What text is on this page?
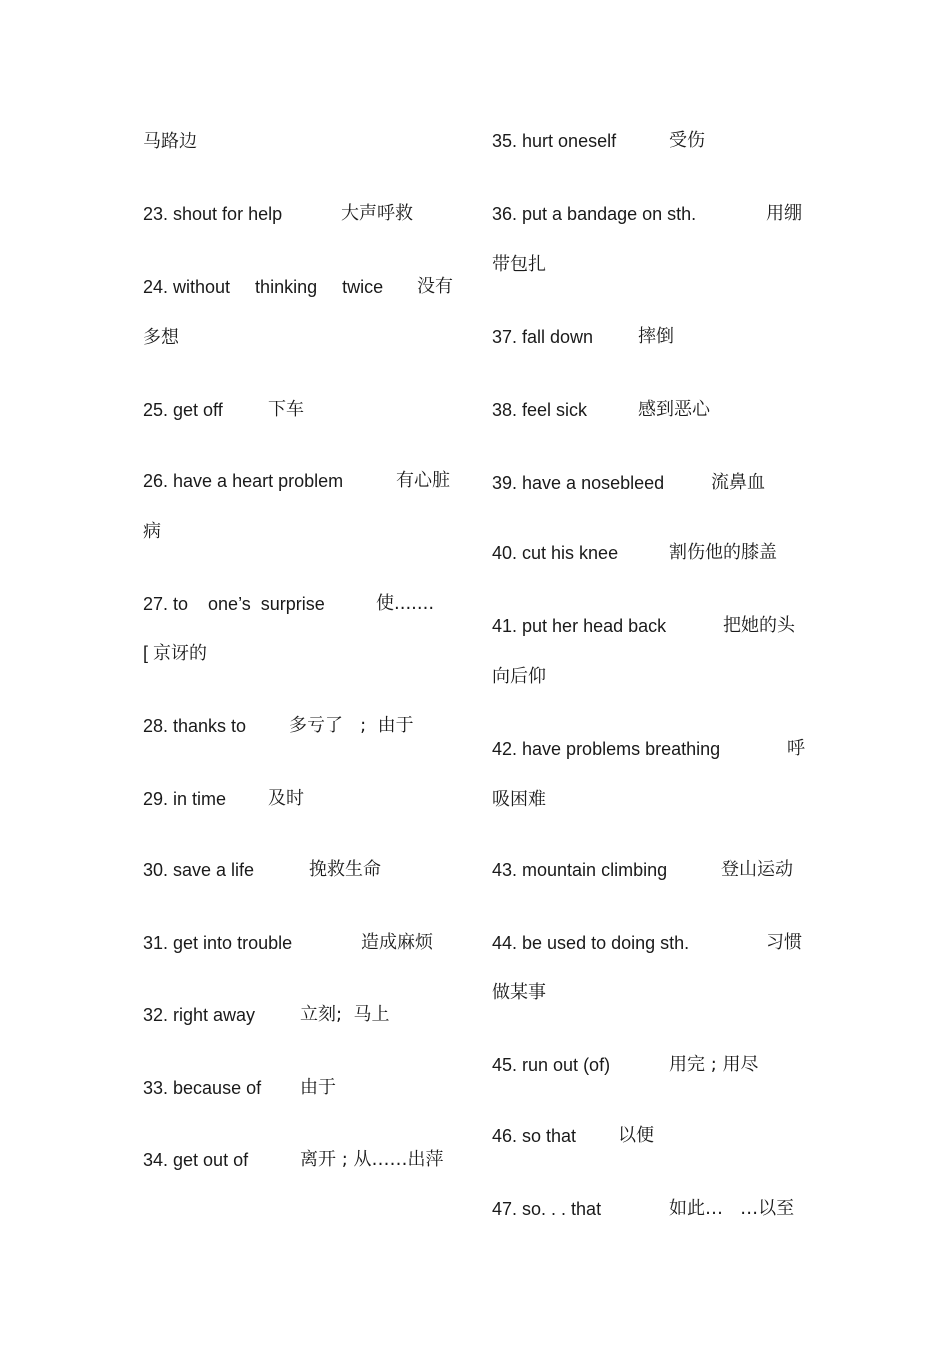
马路边
23. shout for help	大声呼救
24. without     thinking     twice 没有
多想
25. get off	下车
26. have a heart problem	有心脏
病
27. to    one’s  surprise	使.......
[ 京讶的
28. thanks to 多亏了   ;  由于
29. in time 及时
30. save a life	挽救生命
31. get into trouble	造成麻烦
32. right away 立刻;  马上
33. because of 由于
34. get out of	离开 ; 从……出萍
35. hurt oneself	受伤
36. put a bandage on sth.	用绷
带包扎
37. fall down 摔倒
38. feel sick	感到恶心
39. have a nosebleed	流鼻血
40. cut his knee	割伤他的膝盖
41. put her head back	把她的头
向后仰
42. have problems breathing	呼
吸困难
43. mountain climbing	登山运动
44. be used to doing sth.	习惯
做某事
45. run out (of)	用完 ; 用尽
46. so that 以便
47. so. . . that	如此…   …以至
